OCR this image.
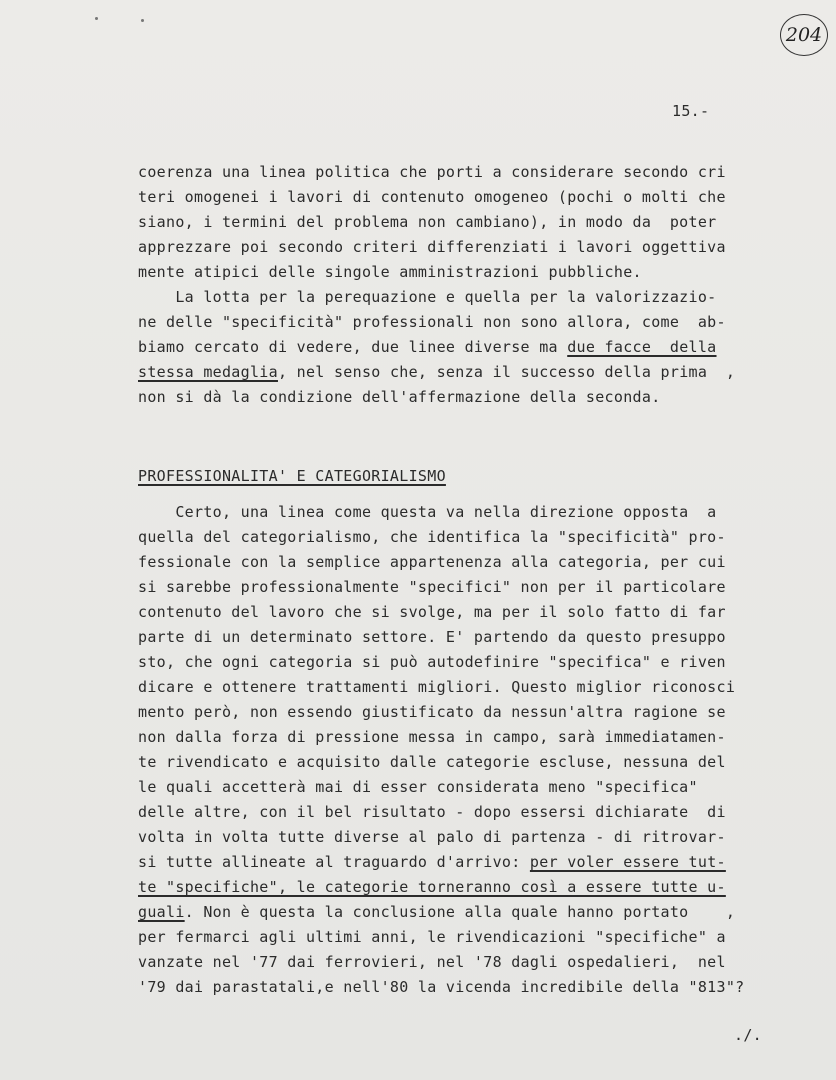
204
15.-
coerenza una linea politica che porti a considerare secondo cri
teri omogenei i lavori di contenuto omogeneo (pochi o molti che
siano, i termini del problema non cambiano), in modo da  poter
apprezzare poi secondo criteri differenziati i lavori oggettiva
mente atipici delle singole amministrazioni pubbliche.
La lotta per la perequazione e quella per la valorizzazio-
ne delle "specificità" professionali non sono allora, come  ab-
biamo cercato di vedere, due linee diverse ma due facce  della
stessa medaglia, nel senso che, senza il successo della prima  ,
non si dà la condizione dell'affermazione della seconda.
PROFESSIONALITA' E CATEGORIALISMO
Certo, una linea come questa va nella direzione opposta  a
quella del categorialismo, che identifica la "specificità" pro-
fessionale con la semplice appartenenza alla categoria, per cui
si sarebbe professionalmente "specifici" non per il particolare
contenuto del lavoro che si svolge, ma per il solo fatto di far
parte di un determinato settore. E' partendo da questo presuppo
sto, che ogni categoria si può autodefinire "specifica" e riven
dicare e ottenere trattamenti migliori. Questo miglior riconosci
mento però, non essendo giustificato da nessun'altra ragione se
non dalla forza di pressione messa in campo, sarà immediatamen-
te rivendicato e acquisito dalle categorie escluse, nessuna del
le quali accetterà mai di esser considerata meno "specifica"
delle altre, con il bel risultato - dopo essersi dichiarate  di
volta in volta tutte diverse al palo di partenza - di ritrovar-
si tutte allineate al traguardo d'arrivo: per voler essere tut-
te "specifiche", le categorie torneranno così a essere tutte u-
guali. Non è questa la conclusione alla quale hanno portato    ,
per fermarci agli ultimi anni, le rivendicazioni "specifiche" a
vanzate nel '77 dai ferrovieri, nel '78 dagli ospedalieri,  nel
'79 dai parastatali,e nell'80 la vicenda incredibile della "813"?
./.
